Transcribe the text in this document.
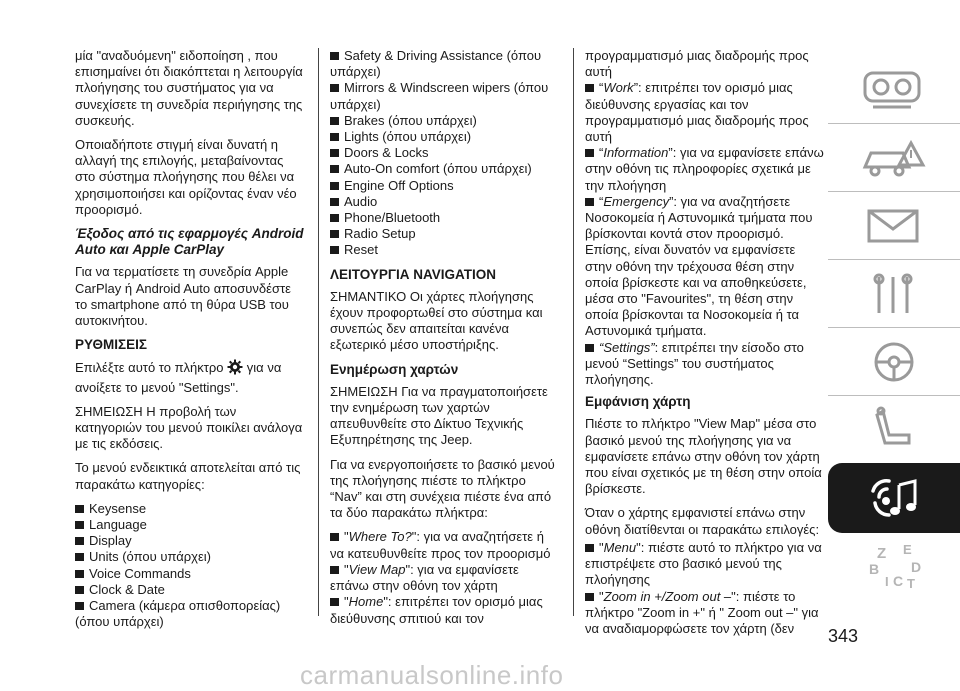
μία "αναδυόμενη" ειδοποίηση , που επισημαίνει ότι διακόπτεται η λειτουργία πλοήγησης του συστήματος για να συνεχίσετε τη συνεδρία περιήγησης της συσκευής.

Οποιαδήποτε στιγμή είναι δυνατή η αλλαγή της επιλογής, μεταβαίνοντας στο σύστημα πλοήγησης που θέλει να χρησιμοποιήσει και ορίζοντας έναν νέο προορισμό.

Έξοδος από τις εφαρμογές Android Auto και Apple CarPlay

Για να τερματίσετε τη συνεδρία Apple CarPlay ή Android Auto αποσυνδέστε το smartphone από τη θύρα USB του αυτοκινήτου.

ΡΥΘΜΙΣΕΙΣ

Επιλέξτε αυτό το πλήκτρο για να ανοίξετε το μενού "Settings".

ΣΗΜΕΙΩΣΗ Η προβολή των κατηγοριών του μενού ποικίλει ανάλογα με τις εκδόσεις.

Το μενού ενδεικτικά αποτελείται από τις παρακάτω κατηγορίες:

Keysense
Language
Display
Units (όπου υπάρχει)
Voice Commands
Clock & Date
Camera (κάμερα οπισθοπορείας) (όπου υπάρχει)
Safety & Driving Assistance (όπου υπάρχει)
Mirrors & Windscreen wipers (όπου υπάρχει)
Brakes (όπου υπάρχει)
Lights (όπου υπάρχει)
Doors & Locks
Auto-On comfort (όπου υπάρχει)
Engine Off Options
Audio
Phone/Bluetooth
Radio Setup
Reset
ΛΕΙΤΟΥΡΓΙΑ NAVIGATION

ΣΗΜΑΝΤΙΚΟ Οι χάρτες πλοήγησης έχουν προφορτωθεί στο σύστημα και συνεπώς δεν απαιτείται κανένα εξωτερικό μέσο υποστήριξης.

Ενημέρωση χαρτών

ΣΗΜΕΙΩΣΗ Για να πραγματοποιήσετε την ενημέρωση των χαρτών απευθυνθείτε στο Δίκτυο Τεχνικής Εξυπηρέτησης της Jeep.

Για να ενεργοποιήσετε το βασικό μενού της πλοήγησης πιέστε το πλήκτρο “Nav” και στη συνέχεια πιέστε ένα από τα δύο παρακάτω πλήκτρα:

"Where To?": για να αναζητήσετε ή να κατευθυνθείτε προς τον προορισμό
"View Map": για να εμφανίσετε επάνω στην οθόνη τον χάρτη
"Home": επιτρέπει τον ορισμό μιας διεύθυνσης σπιτιού και τον
προγραμματισμό μιας διαδρομής προς αυτή
“Work”: επιτρέπει τον ορισμό μιας διεύθυνσης εργασίας και τον προγραμματισμό μιας διαδρομής προς αυτή
“Information”: για να εμφανίσετε επάνω στην οθόνη τις πληροφορίες σχετικά με την πλοήγηση
“Emergency”: για να αναζητήσετε Νοσοκομεία ή Αστυνομικά τμήματα που βρίσκονται κοντά στον προορισμό. Επίσης, είναι δυνατόν να εμφανίσετε στην οθόνη την τρέχουσα θέση στην οποία βρίσκεστε και να αποθηκεύσετε, μέσα στο "Favourites", τη θέση στην οποία βρίσκονται τα Νοσοκομεία ή τα Αστυνομικά τμήματα.
“Settings”: επιτρέπει την είσοδο στο μενού “Settings” του συστήματος πλοήγησης.
Εμφάνιση χάρτη

Πιέστε το πλήκτρο "View Map" μέσα στο βασικό μενού της πλοήγησης για να εμφανίσετε επάνω στην οθόνη τον χάρτη που είναι σχετικός με τη θέση στην οποία βρίσκεστε.

Όταν ο χάρτης εμφανιστεί επάνω στην οθόνη διατίθενται οι παρακάτω επιλογές:

"Menu": πιέστε αυτό το πλήκτρο για να επιστρέψετε στο βασικό μενού της πλοήγησης
"Zoom in +/Zoom out –": πιέστε το πλήκτρο "Zoom in +" ή " Zoom out –" για να αναδιαμορφώσετε τον χάρτη (δεν
Z E
B D
I C T
343
carmanualsonline.info
